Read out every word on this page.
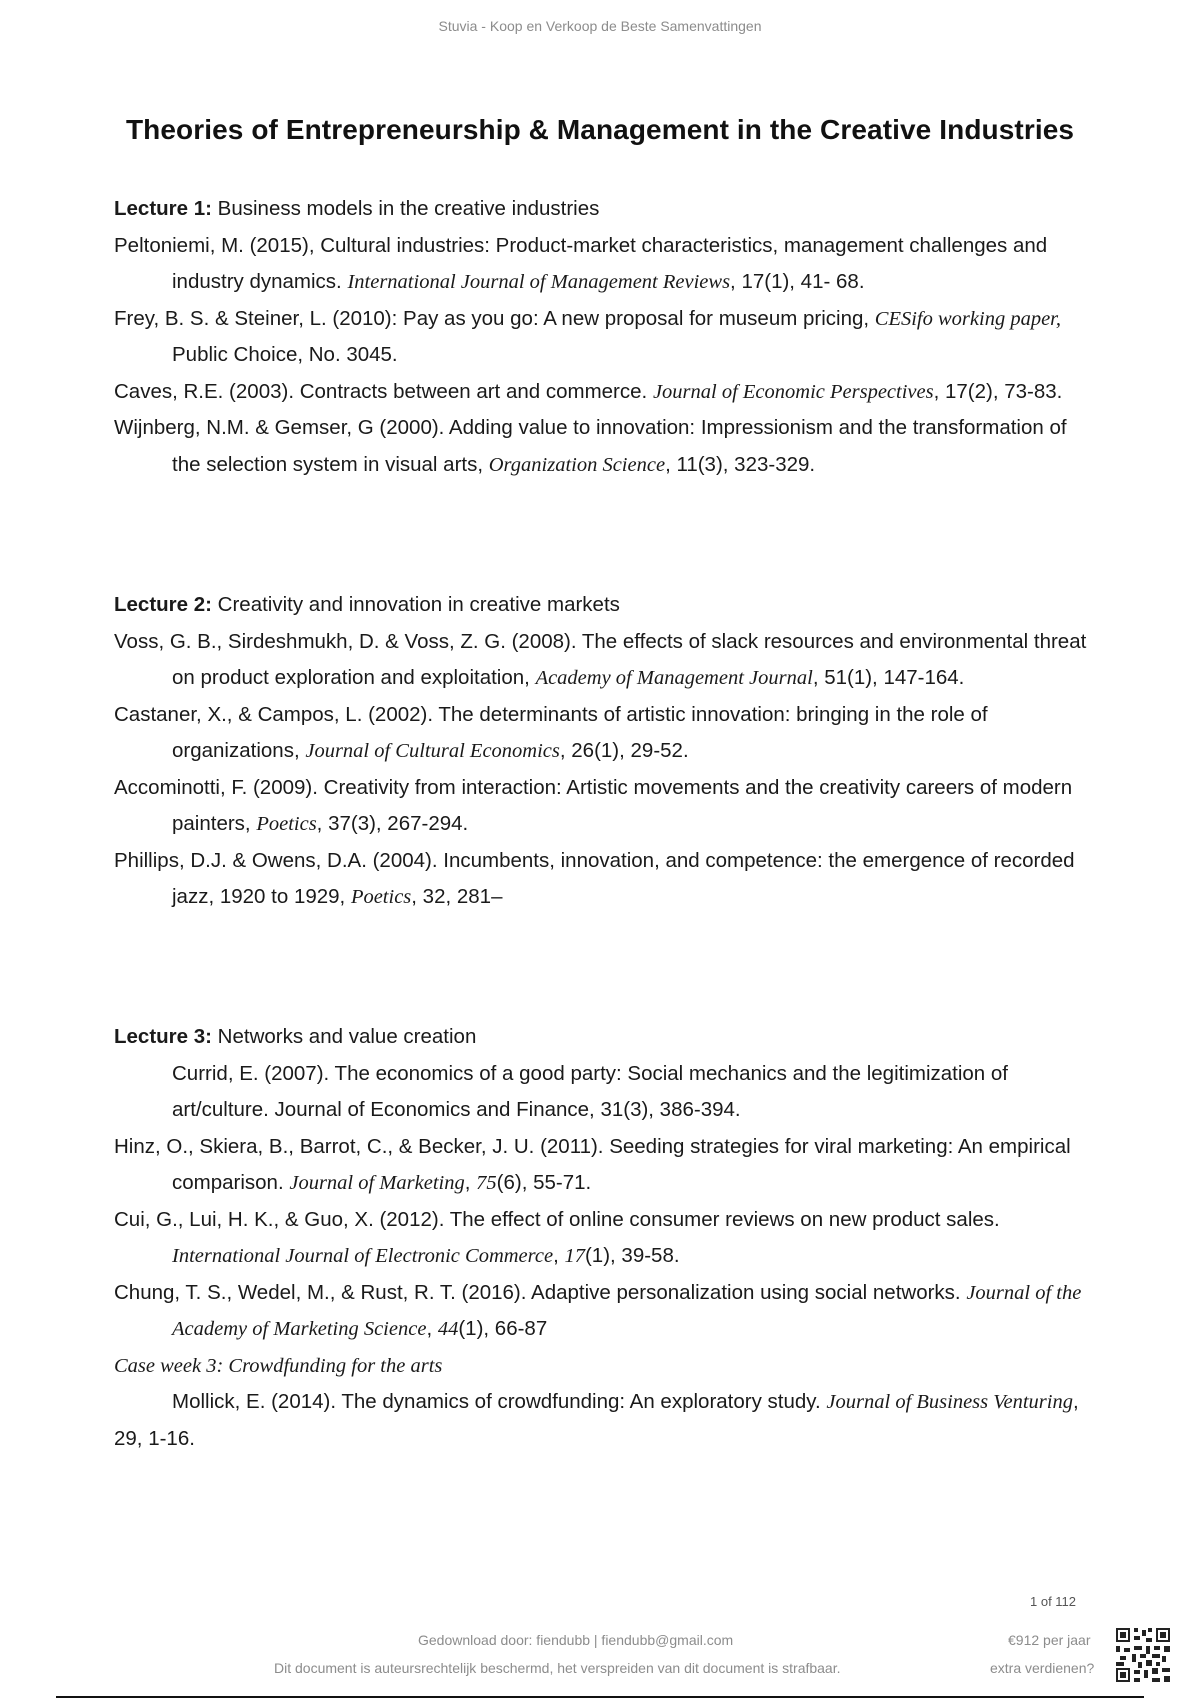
Stuvia - Koop en Verkoop de Beste Samenvattingen
Theories of Entrepreneurship & Management in the Creative Industries

Lecture 1: Business models in the creative industries

Peltoniemi, M. (2015), Cultural industries: Product-market characteristics, management challenges and industry dynamics. International Journal of Management Reviews, 17(1), 41- 68.

Frey, B. S. & Steiner, L. (2010): Pay as you go: A new proposal for museum pricing, CESifo working paper, Public Choice, No. 3045.

Caves, R.E. (2003). Contracts between art and commerce. Journal of Economic Perspectives, 17(2), 73-83.

Wijnberg, N.M. & Gemser, G (2000). Adding value to innovation: Impressionism and the transformation of the selection system in visual arts, Organization Science, 11(3), 323-329.

Lecture 2: Creativity and innovation in creative markets

Voss, G. B., Sirdeshmukh, D. & Voss, Z. G. (2008). The effects of slack resources and environmental threat on product exploration and exploitation, Academy of Management Journal, 51(1), 147-164.

Castaner, X., & Campos, L. (2002). The determinants of artistic innovation: bringing in the role of organizations, Journal of Cultural Economics, 26(1), 29-52.

Accominotti, F. (2009). Creativity from interaction: Artistic movements and the creativity careers of modern painters, Poetics, 37(3), 267-294.

Phillips, D.J. & Owens, D.A. (2004). Incumbents, innovation, and competence: the emergence of recorded jazz, 1920 to 1929, Poetics, 32, 281–

Lecture 3: Networks and value creation

Currid, E. (2007). The economics of a good party: Social mechanics and the legitimization of art/culture. Journal of Economics and Finance, 31(3), 386-394.

Hinz, O., Skiera, B., Barrot, C., & Becker, J. U. (2011). Seeding strategies for viral marketing: An empirical comparison. Journal of Marketing, 75(6), 55-71.

Cui, G., Lui, H. K., & Guo, X. (2012). The effect of online consumer reviews on new product sales. International Journal of Electronic Commerce, 17(1), 39-58.

Chung, T. S., Wedel, M., & Rust, R. T. (2016). Adaptive personalization using social networks. Journal of the Academy of Marketing Science, 44(1), 66-87

Case week 3: Crowdfunding for the arts

Mollick, E. (2014). The dynamics of crowdfunding: An exploratory study. Journal of Business Venturing, 29, 1-16.

1 of 112
Gedownload door: fiendubb | fiendubb@gmail.com
Dit document is auteursrechtelijk beschermd, het verspreiden van dit document is strafbaar.
€912 per jaar
extra verdienen?
